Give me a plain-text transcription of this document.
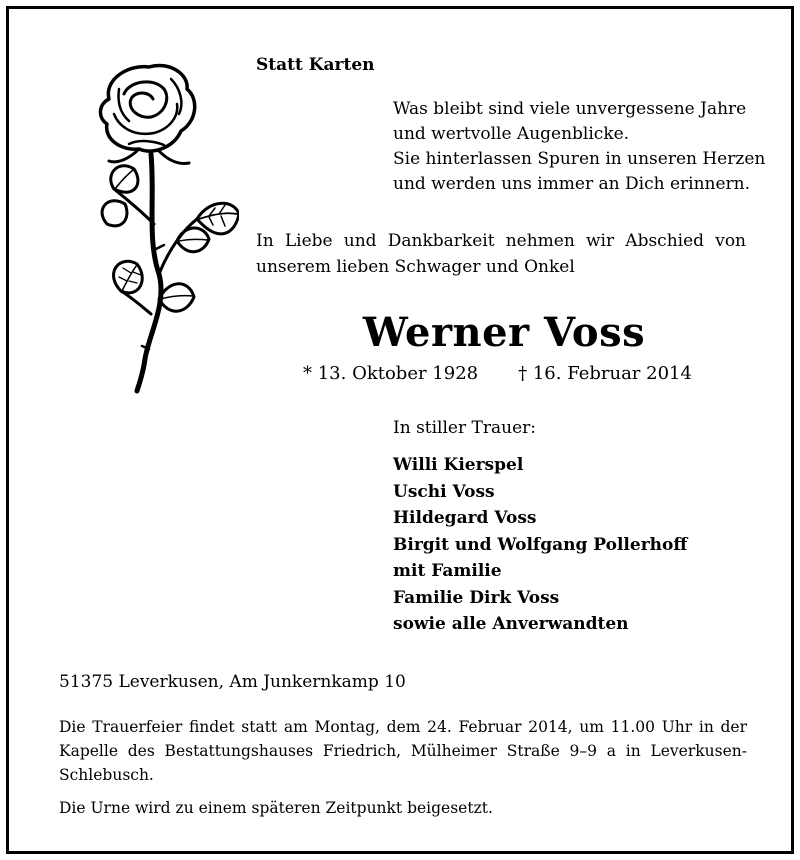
Statt Karten
Was bleibt sind viele unvergessene Jahre
und wertvolle Augenblicke.
Sie hinterlassen Spuren in unseren Herzen
und werden uns immer an Dich erinnern.
In Liebe und Dankbarkeit nehmen wir Abschied von
unserem lieben Schwager und Onkel
Werner Voss
* 13. Oktober 1928 † 16. Februar 2014
In stiller Trauer:
Willi Kierspel
Uschi Voss
Hildegard Voss
Birgit und Wolfgang Pollerhoff
mit Familie
Familie Dirk Voss
sowie alle Anverwandten
51375 Leverkusen, Am Junkernkamp 10
Die Trauerfeier findet statt am Montag, dem 24. Februar 2014, um 11.00 Uhr in der
Kapelle des Bestattungshauses Friedrich, Mülheimer Straße 9–9 a in Leverkusen-
Schlebusch.
Die Urne wird zu einem späteren Zeitpunkt beigesetzt.
